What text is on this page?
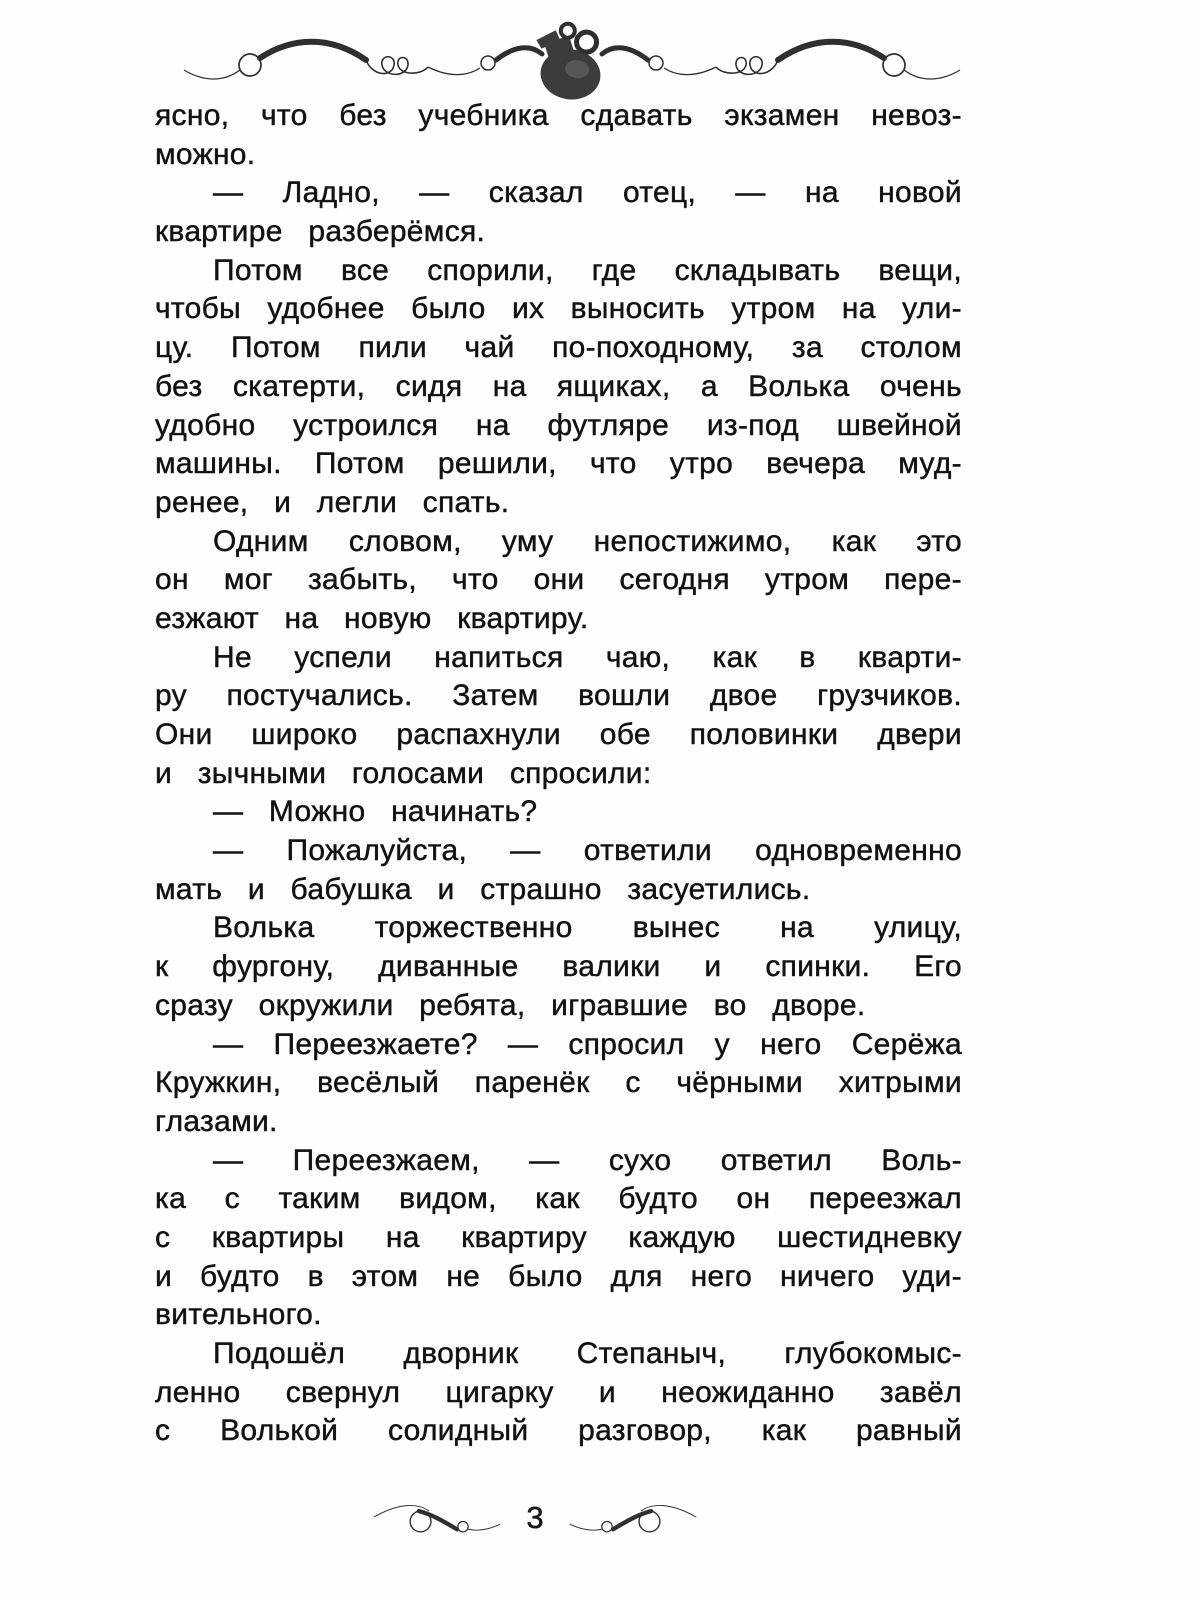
ясно, что без учебника сдавать экзамен невоз-
можно.
— Ладно, — сказал отец, — на новой
квартире разберёмся.
Потом все спорили, где складывать вещи,
чтобы удобнее было их выносить утром на ули-
цу. Потом пили чай по-походному, за столом
без скатерти, сидя на ящиках, а Волька очень
удобно устроился на футляре из-под швейной
машины. Потом решили, что утро вечера муд-
ренее, и легли спать.
Одним словом, уму непостижимо, как это
он мог забыть, что они сегодня утром пере-
езжают на новую квартиру.
Не успели напиться чаю, как в кварти-
ру постучались. Затем вошли двое грузчиков.
Они широко распахнули обе половинки двери
и зычными голосами спросили:
— Можно начинать?
— Пожалуйста, — ответили одновременно
мать и бабушка и страшно засуетились.
Волька торжественно вынес на улицу,
к фургону, диванные валики и спинки. Его
сразу окружили ребята, игравшие во дворе.
— Переезжаете? — спросил у него Серёжа
Кружкин, весёлый паренёк с чёрными хитрыми
глазами.
— Переезжаем, — сухо ответил Воль-
ка с таким видом, как будто он переезжал
с квартиры на квартиру каждую шестидневку
и будто в этом не было для него ничего уди-
вительного.
Подошёл дворник Степаныч, глубокомыс-
ленно свернул цигарку и неожиданно завёл
с Волькой солидный разговор, как равный
3
